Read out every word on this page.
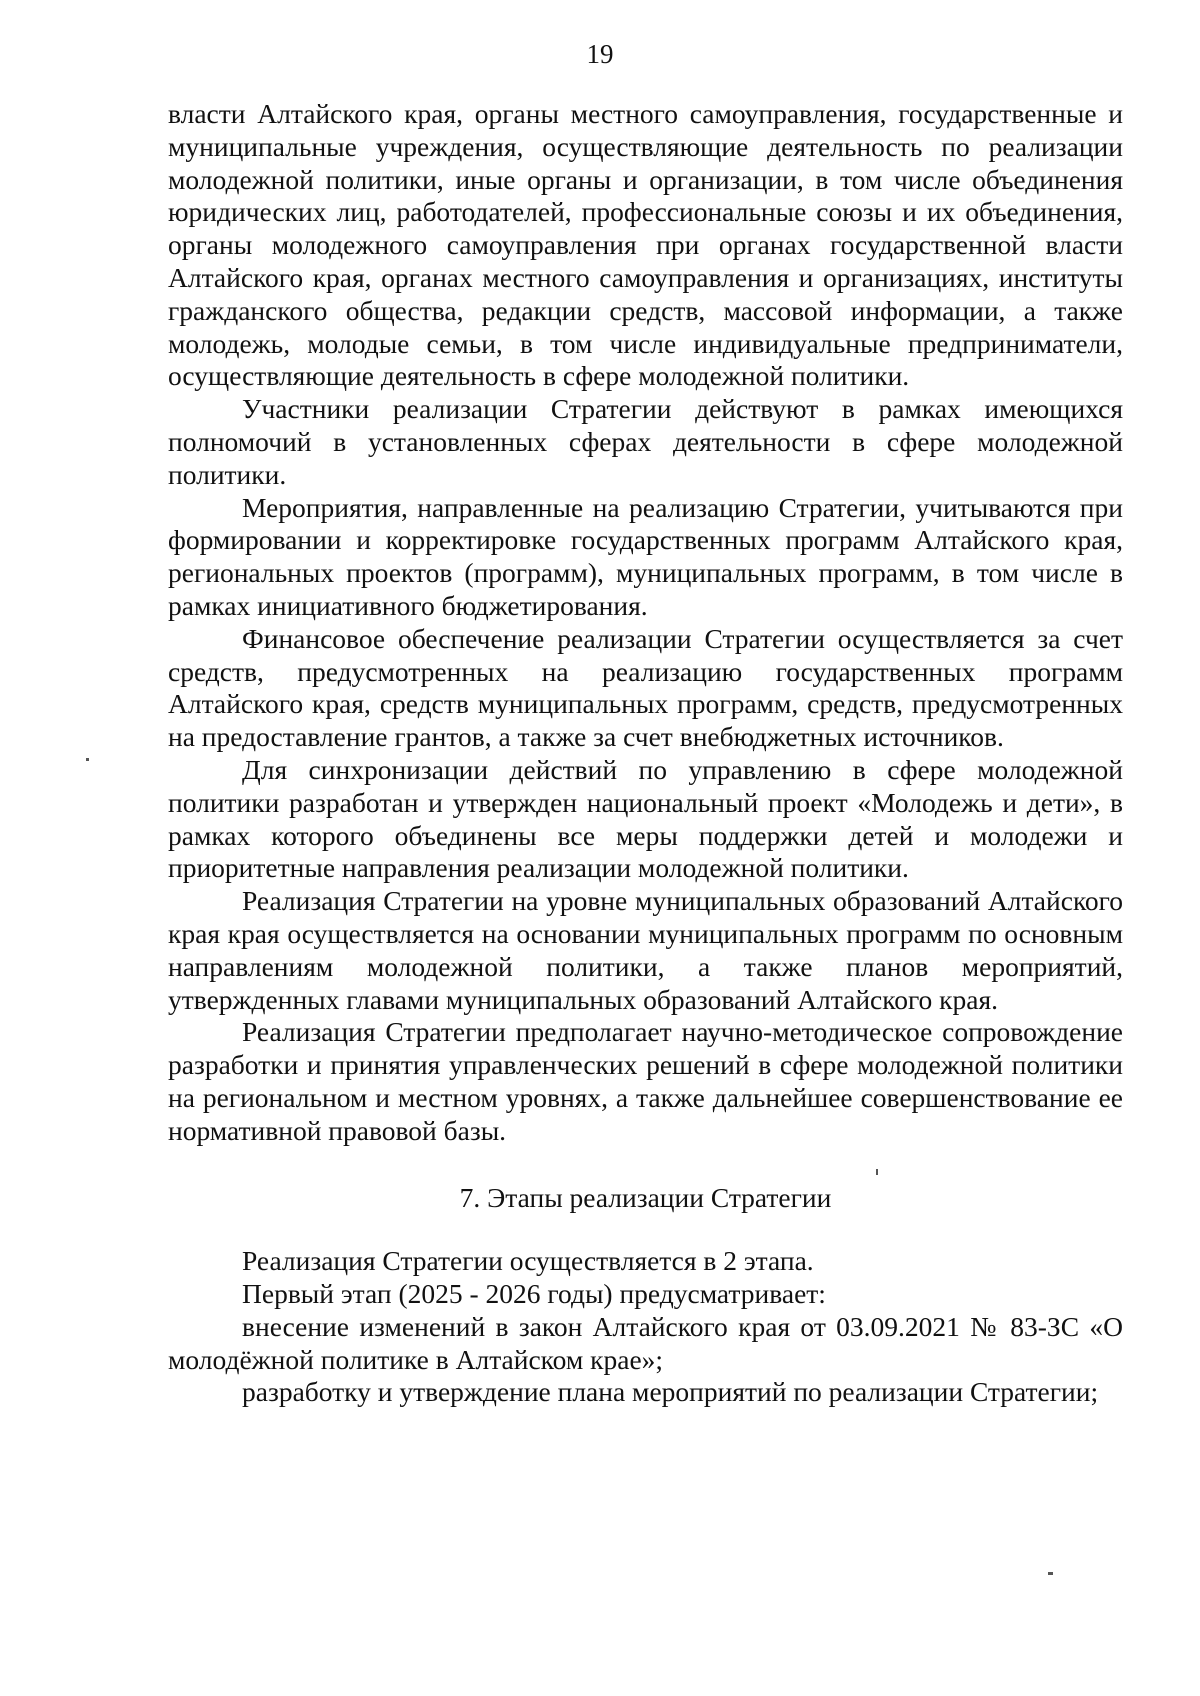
19

власти Алтайского края, органы местного самоуправления, государственные и муниципальные учреждения, осуществляющие деятельность по реализации молодежной политики, иные органы и организации, в том числе объединения юридических лиц, работодателей, профессиональные союзы и их объединения, органы молодежного самоуправления при органах государственной власти Алтайского края, органах местного самоуправления и организациях, институты гражданского общества, редакции средств, массовой информации, а также молодежь, молодые семьи, в том числе индивидуальные предприниматели, осуществляющие деятельность в сфере молодежной политики.

Участники реализации Стратегии действуют в рамках имеющихся полномочий в установленных сферах деятельности в сфере молодежной политики.

Мероприятия, направленные на реализацию Стратегии, учитываются при формировании и корректировке государственных программ Алтайского края, региональных проектов (программ), муниципальных программ, в том числе в рамках инициативного бюджетирования.

Финансовое обеспечение реализации Стратегии осуществляется за счет средств, предусмотренных на реализацию государственных программ Алтайского края, средств муниципальных программ, средств, предусмотренных на предоставление грантов, а также за счет внебюджетных источников.

Для синхронизации действий по управлению в сфере молодежной политики разработан и утвержден национальный проект «Молодежь и дети», в рамках которого объединены все меры поддержки детей и молодежи и приоритетные направления реализации молодежной политики.

Реализация Стратегии на уровне муниципальных образований Алтайского края края осуществляется на основании муниципальных программ по основным направлениям молодежной политики, а также планов мероприятий, утвержденных главами муниципальных образований Алтайского края.

Реализация Стратегии предполагает научно-методическое сопровождение разработки и принятия управленческих решений в сфере молодежной политики на региональном и местном уровнях, а также дальнейшее совершенствование ее нормативной правовой базы.

7. Этапы реализации Стратегии

Реализация Стратегии осуществляется в 2 этапа.

Первый этап (2025 - 2026 годы) предусматривает:

внесение изменений в закон Алтайского края от 03.09.2021 № 83-ЗС «О молодёжной политике в Алтайском крае»;

разработку и утверждение плана мероприятий по реализации Стратегии;
